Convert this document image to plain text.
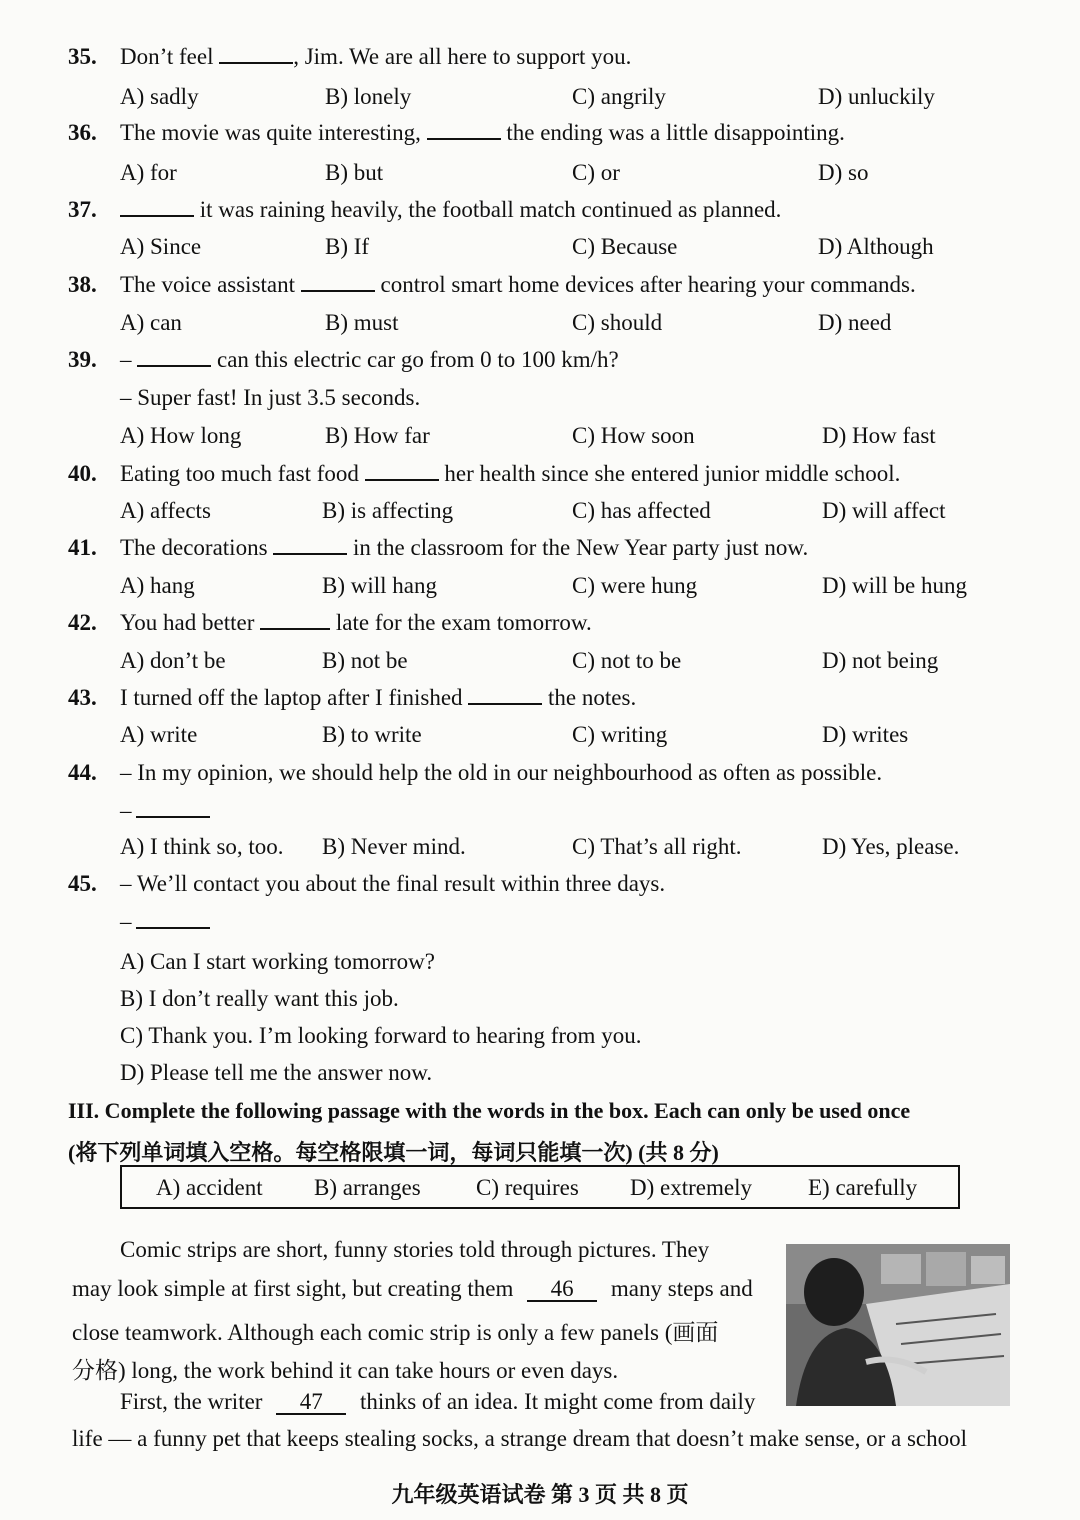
35. Don’t feel	, Jim. We are all here to support you.
A) sadly	B) lonely	C) angrily	D) unluckily
36. The movie was quite interesting,	the ending was a little disappointing.
A) for	B) but	C) or	D) so
37.	it was raining heavily, the football match continued as planned.
A) Since	B) If	C) Because	D) Although
38. The voice assistant	control smart home devices after hearing your commands.
A) can	B) must	C) should	D) need
39. –	can this electric car go from 0 to 100 km/h?
– Super fast! In just 3.5 seconds.
A) How long	B) How far	C) How soon	D) How fast
40. Eating too much fast food	her health since she entered junior middle school.
A) affects	B) is affecting	C) has affected	D) will affect
41. The decorations	in the classroom for the New Year party just now.
A) hang	B) will hang	C) were hung	D) will be hung
42. You had better	late for the exam tomorrow.
A) don’t be	B) not be	C) not to be	D) not being
43. I turned off the laptop after I finished	the notes.
A) write	B) to write	C) writing	D) writes
44. – In my opinion, we should help the old in our neighbourhood as often as possible.
–
A) I think so, too. B) Never mind.	C) That’s all right.	D) Yes, please.
45. – We’ll contact you about the final result within three days.
–
A) Can I start working tomorrow?
B) I don’t really want this job.
C) Thank you. I’m looking forward to hearing from you.
D) Please tell me the answer now.
III. Complete the following passage with the words in the box. Each can only be used once
(将下列单词填入空格。每空格限填一词，每词只能填一次) (共 8 分)
A) accident B) arranges C) requires D) extremely E) carefully
Comic strips are short, funny stories told through pictures. They
may look simple at first sight, but creating them 46 many steps and
close teamwork. Although each comic strip is only a few panels (画面
分格) long, the work behind it can take hours or even days.
First, the writer 47 thinks of an idea. It might come from daily
life — a funny pet that keeps stealing socks, a strange dream that doesn’t make sense, or a school
九年级英语试卷 第 3 页 共 8 页
